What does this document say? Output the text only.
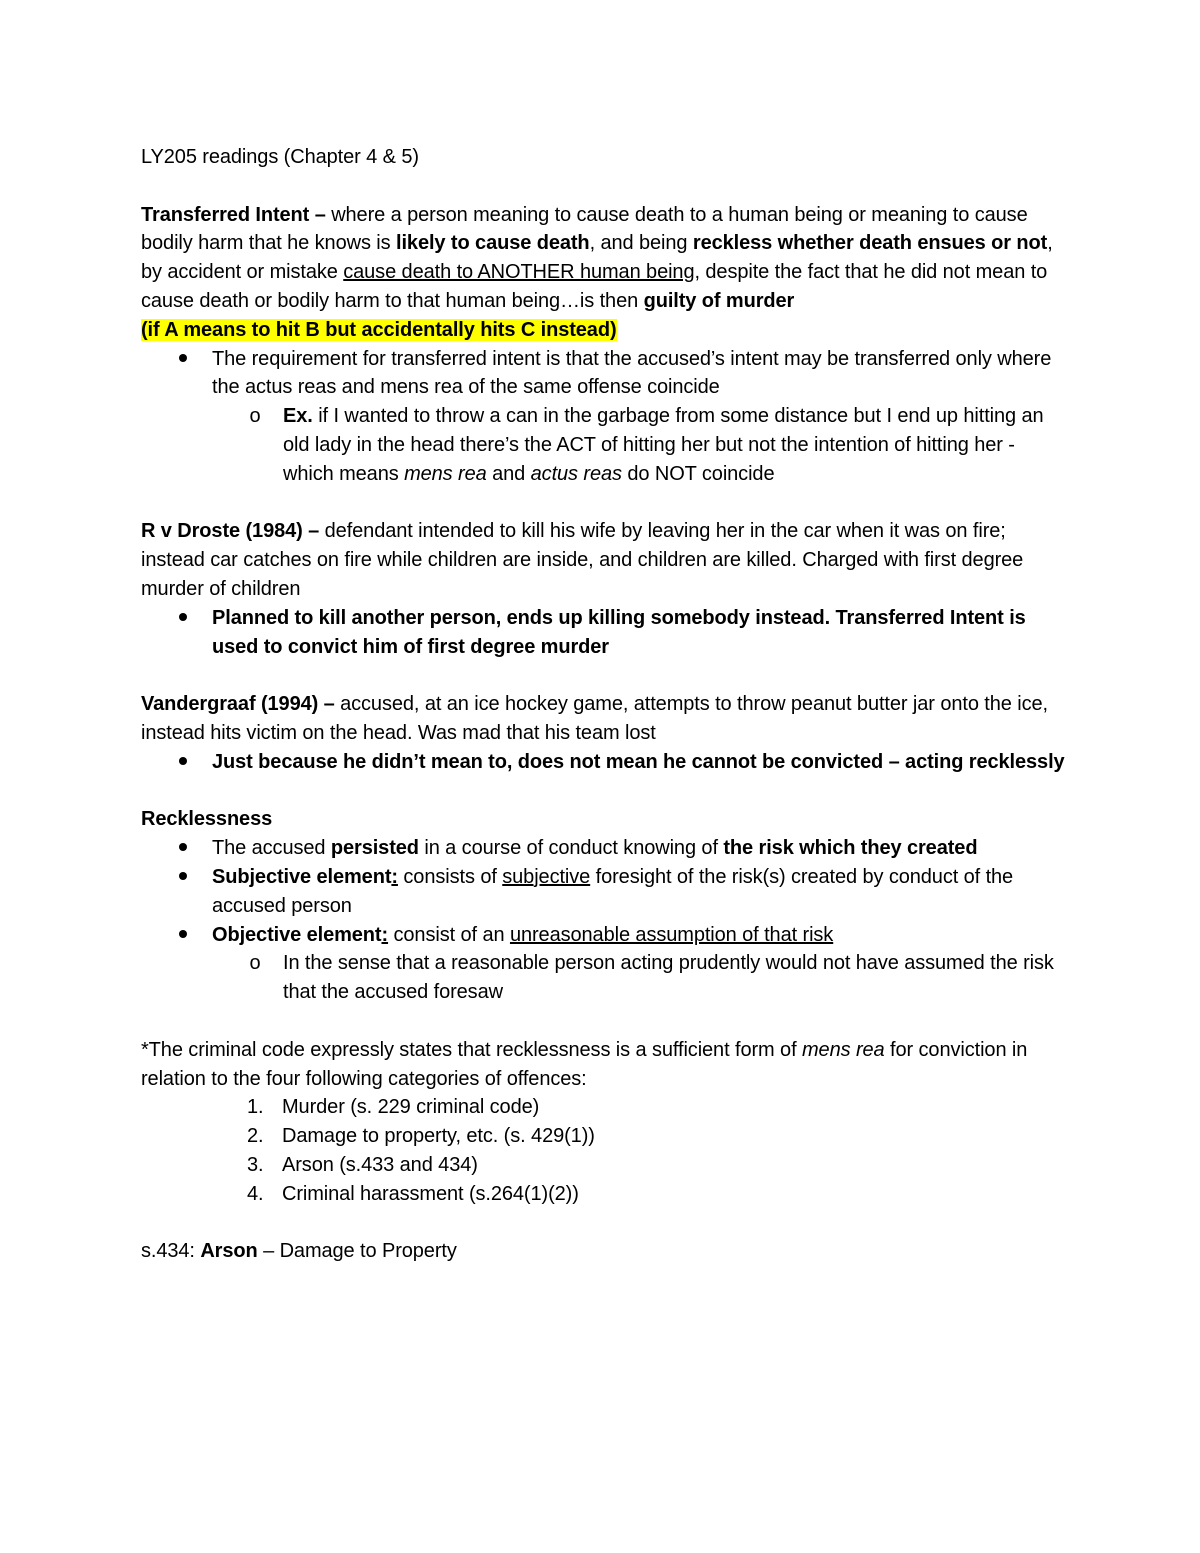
LY205 readings (Chapter 4 & 5)

Transferred Intent – where a person meaning to cause death to a human being or meaning to cause bodily harm that he knows is likely to cause death, and being reckless whether death ensues or not, by accident or mistake cause death to ANOTHER human being, despite the fact that he did not mean to cause death or bodily harm to that human being…is then guilty of murder

(if A means to hit B but accidentally hits C instead)

The requirement for transferred intent is that the accused’s intent may be transferred only where the actus reas and mens rea of the same offense coincide
o Ex. if I wanted to throw a can in the garbage from some distance but I end up hitting an old lady in the head there’s the ACT of hitting her but not the intention of hitting her - which means mens rea and actus reas do NOT coincide

R v Droste (1984) – defendant intended to kill his wife by leaving her in the car when it was on fire; instead car catches on fire while children are inside, and children are killed. Charged with first degree murder of children

Planned to kill another person, ends up killing somebody instead. Transferred Intent is used to convict him of first degree murder

Vandergraaf (1994) – accused, at an ice hockey game, attempts to throw peanut butter jar onto the ice, instead hits victim on the head. Was mad that his team lost

Just because he didn’t mean to, does not mean he cannot be convicted – acting recklessly

Recklessness

The accused persisted in a course of conduct knowing of the risk which they created
Subjective element: consists of subjective foresight of the risk(s) created by conduct of the accused person
Objective element: consist of an unreasonable assumption of that risk
o In the sense that a reasonable person acting prudently would not have assumed the risk that the accused foresaw

*The criminal code expressly states that recklessness is a sufficient form of mens rea for conviction in relation to the four following categories of offences:

1. Murder (s. 229 criminal code)
2. Damage to property, etc. (s. 429(1))
3. Arson (s.433 and 434)
4. Criminal harassment (s.264(1)(2))

s.434: Arson – Damage to Property
